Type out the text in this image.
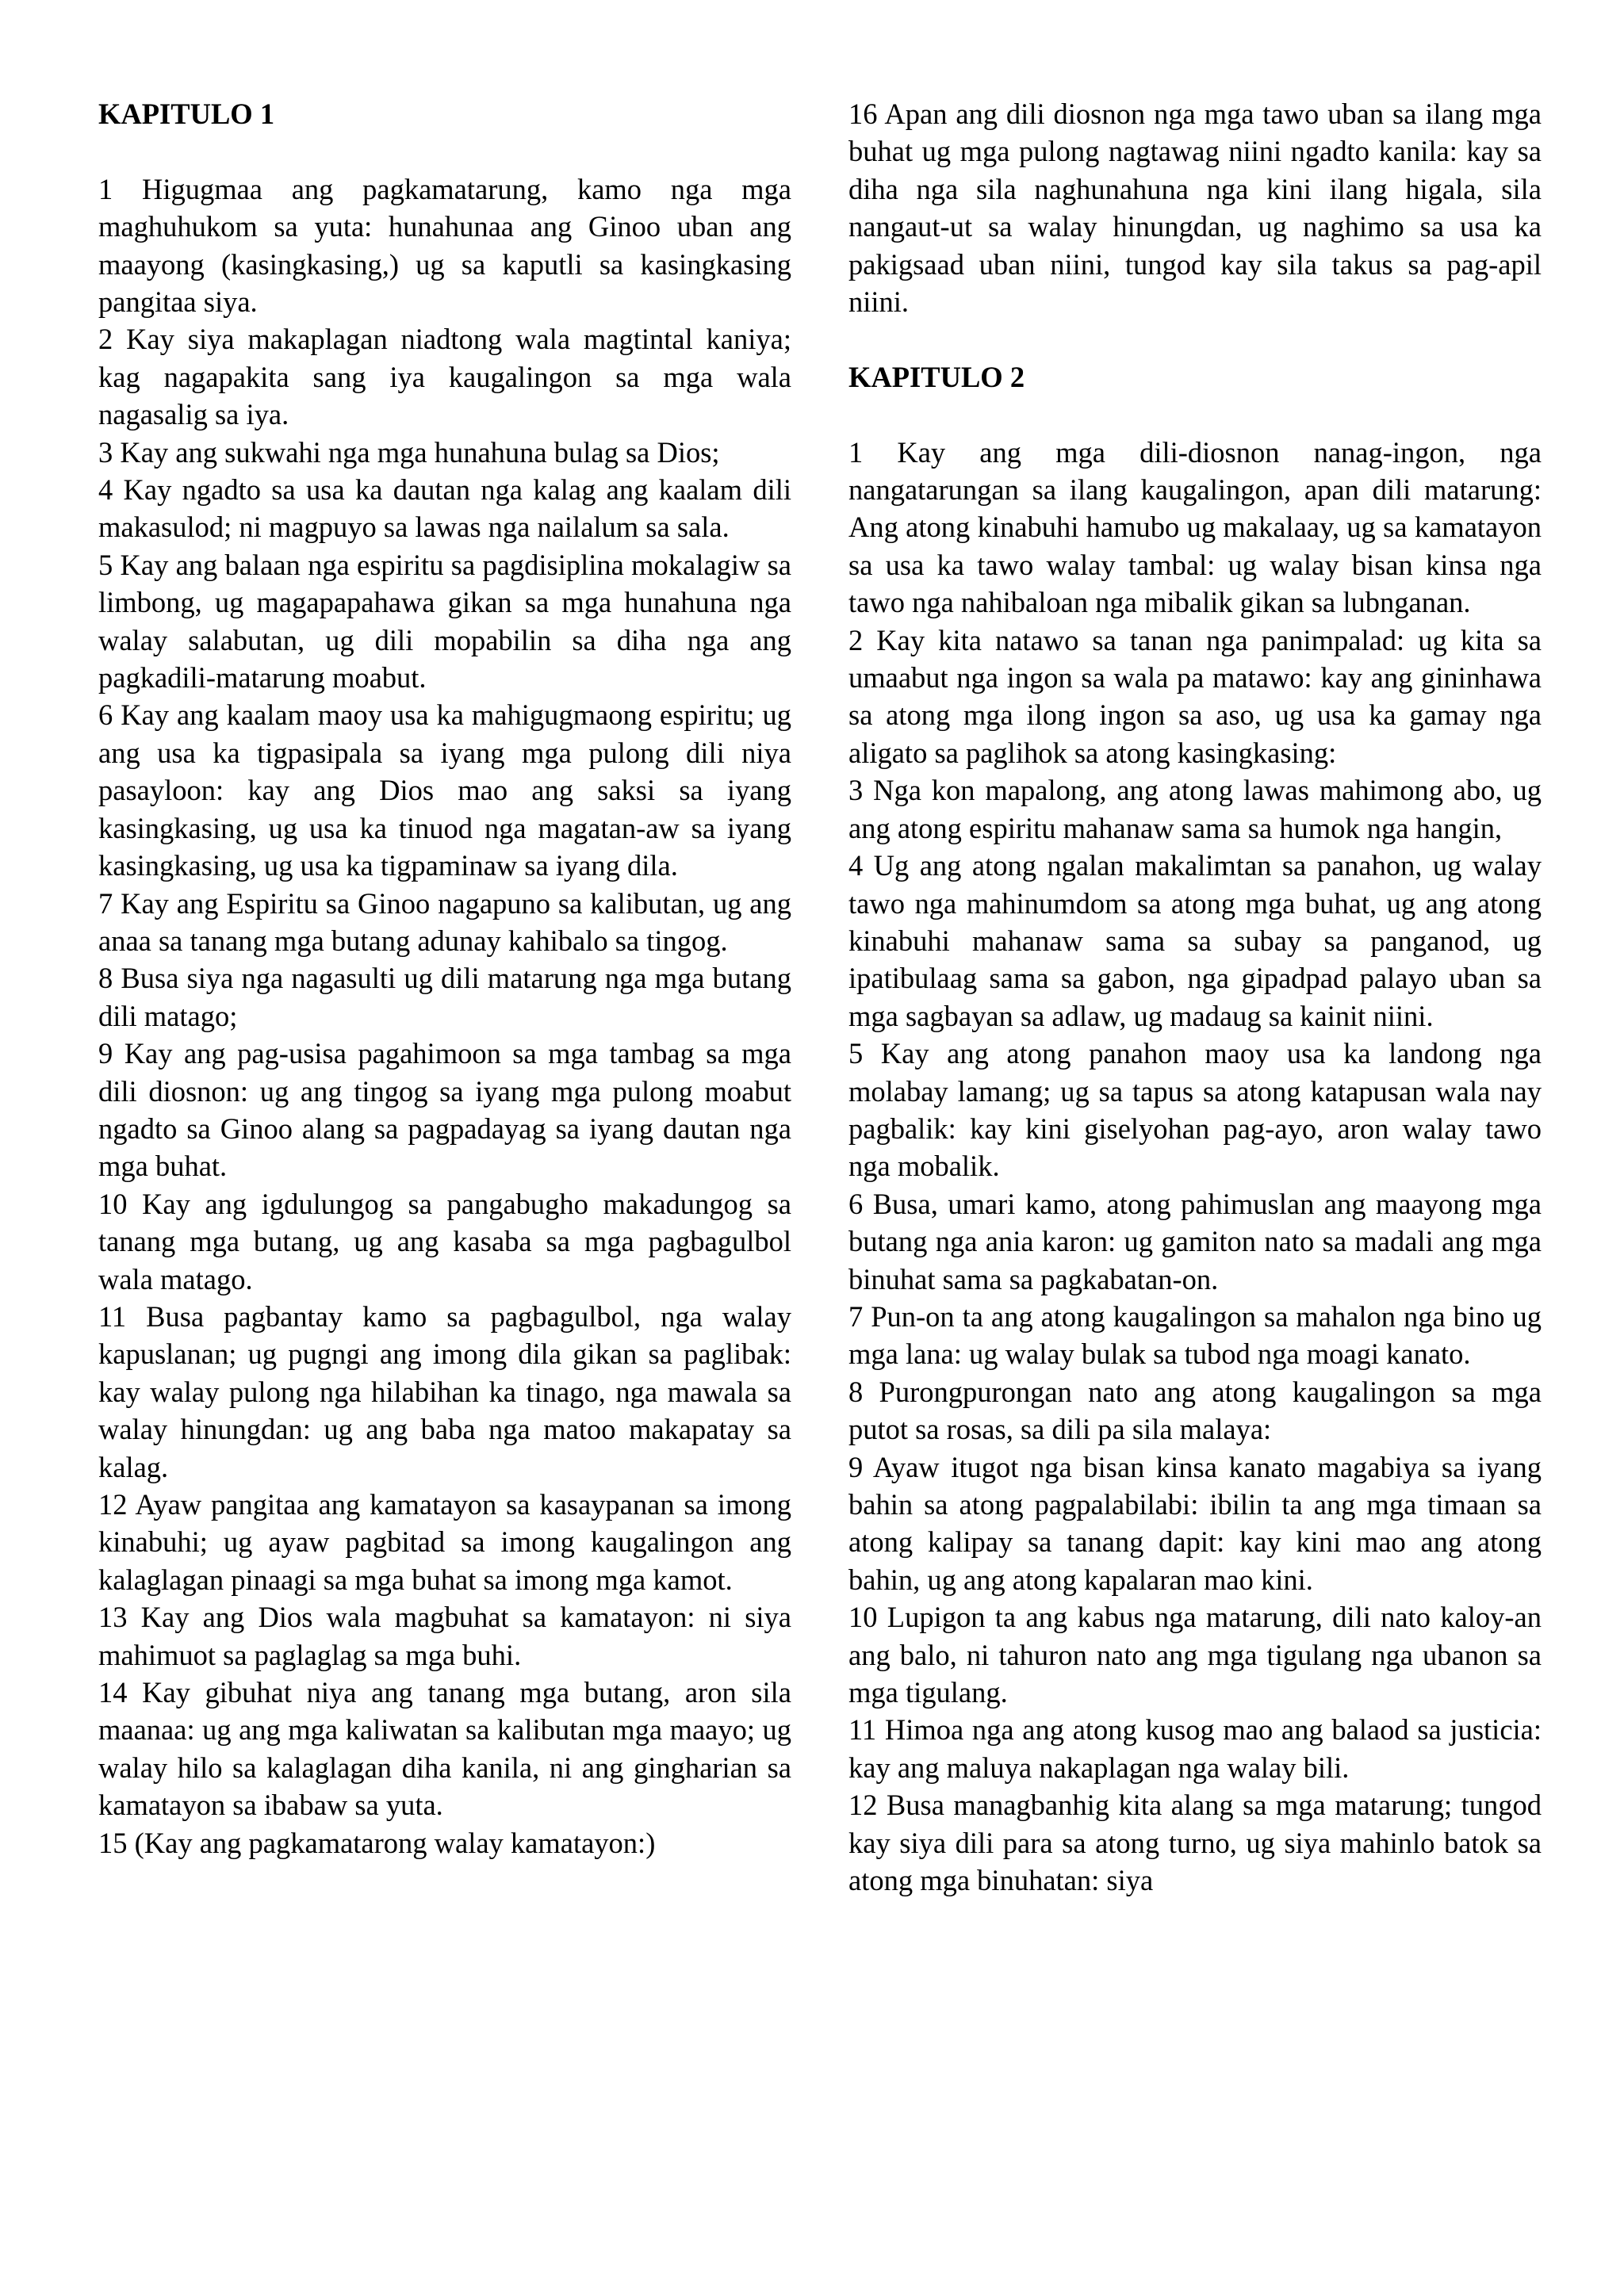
KAPITULO 1

1 Higugmaa ang pagkamatarung, kamo nga mga maghuhukom sa yuta: hunahunaa ang Ginoo uban ang maayong (kasingkasing,) ug sa kaputli sa kasingkasing pangitaa siya.

2 Kay siya makaplagan niadtong wala magtintal kaniya; kag nagapakita sang iya kaugalingon sa mga wala nagasalig sa iya.

3 Kay ang sukwahi nga mga hunahuna bulag sa Dios;

4 Kay ngadto sa usa ka dautan nga kalag ang kaalam dili makasulod; ni magpuyo sa lawas nga nailalum sa sala.

5 Kay ang balaan nga espiritu sa pagdisiplina mokalagiw sa limbong, ug magapapahawa gikan sa mga hunahuna nga walay salabutan, ug dili mopabilin sa diha nga ang pagkadili-matarung moabut.

6 Kay ang kaalam maoy usa ka mahigugmaong espiritu; ug ang usa ka tigpasipala sa iyang mga pulong dili niya pasayloon: kay ang Dios mao ang saksi sa iyang kasingkasing, ug usa ka tinuod nga magatan-aw sa iyang kasingkasing, ug usa ka tigpaminaw sa iyang dila.

7 Kay ang Espiritu sa Ginoo nagapuno sa kalibutan, ug ang anaa sa tanang mga butang adunay kahibalo sa tingog.

8 Busa siya nga nagasulti ug dili matarung nga mga butang dili matago;

9 Kay ang pag-usisa pagahimoon sa mga tambag sa mga dili diosnon: ug ang tingog sa iyang mga pulong moabut ngadto sa Ginoo alang sa pagpadayag sa iyang dautan nga mga buhat.

10 Kay ang igdulungog sa pangabugho makadungog sa tanang mga butang, ug ang kasaba sa mga pagbagulbol wala matago.

11 Busa pagbantay kamo sa pagbagulbol, nga walay kapuslanan; ug pugngi ang imong dila gikan sa paglibak: kay walay pulong nga hilabihan ka tinago, nga mawala sa walay hinungdan: ug ang baba nga matoo makapatay sa kalag.

12 Ayaw pangitaa ang kamatayon sa kasaypanan sa imong kinabuhi; ug ayaw pagbitad sa imong kaugalingon ang kalaglagan pinaagi sa mga buhat sa imong mga kamot.

13 Kay ang Dios wala magbuhat sa kamatayon: ni siya mahimuot sa paglaglag sa mga buhi.

14 Kay gibuhat niya ang tanang mga butang, aron sila maanaa: ug ang mga kaliwatan sa kalibutan mga maayo; ug walay hilo sa kalaglagan diha kanila, ni ang gingharian sa kamatayon sa ibabaw sa yuta.

15 (Kay ang pagkamatarong walay kamatayon:)

16 Apan ang dili diosnon nga mga tawo uban sa ilang mga buhat ug mga pulong nagtawag niini ngadto kanila: kay sa diha nga sila naghunahuna nga kini ilang higala, sila nangaut-ut sa walay hinungdan, ug naghimo sa usa ka pakigsaad uban niini, tungod kay sila takus sa pag-apil niini.

KAPITULO 2

1 Kay ang mga dili-diosnon nanag-ingon, nga nangatarungan sa ilang kaugalingon, apan dili matarung: Ang atong kinabuhi hamubo ug makalaay, ug sa kamatayon sa usa ka tawo walay tambal: ug walay bisan kinsa nga tawo nga nahibaloan nga mibalik gikan sa lubnganan.

2 Kay kita natawo sa tanan nga panimpalad: ug kita sa umaabut nga ingon sa wala pa matawo: kay ang gininhawa sa atong mga ilong ingon sa aso, ug usa ka gamay nga aligato sa paglihok sa atong kasingkasing:

3 Nga kon mapalong, ang atong lawas mahimong abo, ug ang atong espiritu mahanaw sama sa humok nga hangin,

4 Ug ang atong ngalan makalimtan sa panahon, ug walay tawo nga mahinumdom sa atong mga buhat, ug ang atong kinabuhi mahanaw sama sa subay sa panganod, ug ipatibulaag sama sa gabon, nga gipadpad palayo uban sa mga sagbayan sa adlaw, ug madaug sa kainit niini.

5 Kay ang atong panahon maoy usa ka landong nga molabay lamang; ug sa tapus sa atong katapusan wala nay pagbalik: kay kini giselyohan pag-ayo, aron walay tawo nga mobalik.

6 Busa, umari kamo, atong pahimuslan ang maayong mga butang nga ania karon: ug gamiton nato sa madali ang mga binuhat sama sa pagkabatan-on.

7 Pun-on ta ang atong kaugalingon sa mahalon nga bino ug mga lana: ug walay bulak sa tubod nga moagi kanato.

8 Purongpurongan nato ang atong kaugalingon sa mga putot sa rosas, sa dili pa sila malaya:

9 Ayaw itugot nga bisan kinsa kanato magabiya sa iyang bahin sa atong pagpalabilabi: ibilin ta ang mga timaan sa atong kalipay sa tanang dapit: kay kini mao ang atong bahin, ug ang atong kapalaran mao kini.

10 Lupigon ta ang kabus nga matarung, dili nato kaloy-an ang balo, ni tahuron nato ang mga tigulang nga ubanon sa mga tigulang.

11 Himoa nga ang atong kusog mao ang balaod sa justicia: kay ang maluya nakaplagan nga walay bili.

12 Busa managbanhig kita alang sa mga matarung; tungod kay siya dili para sa atong turno, ug siya mahinlo batok sa atong mga binuhatan: siya
